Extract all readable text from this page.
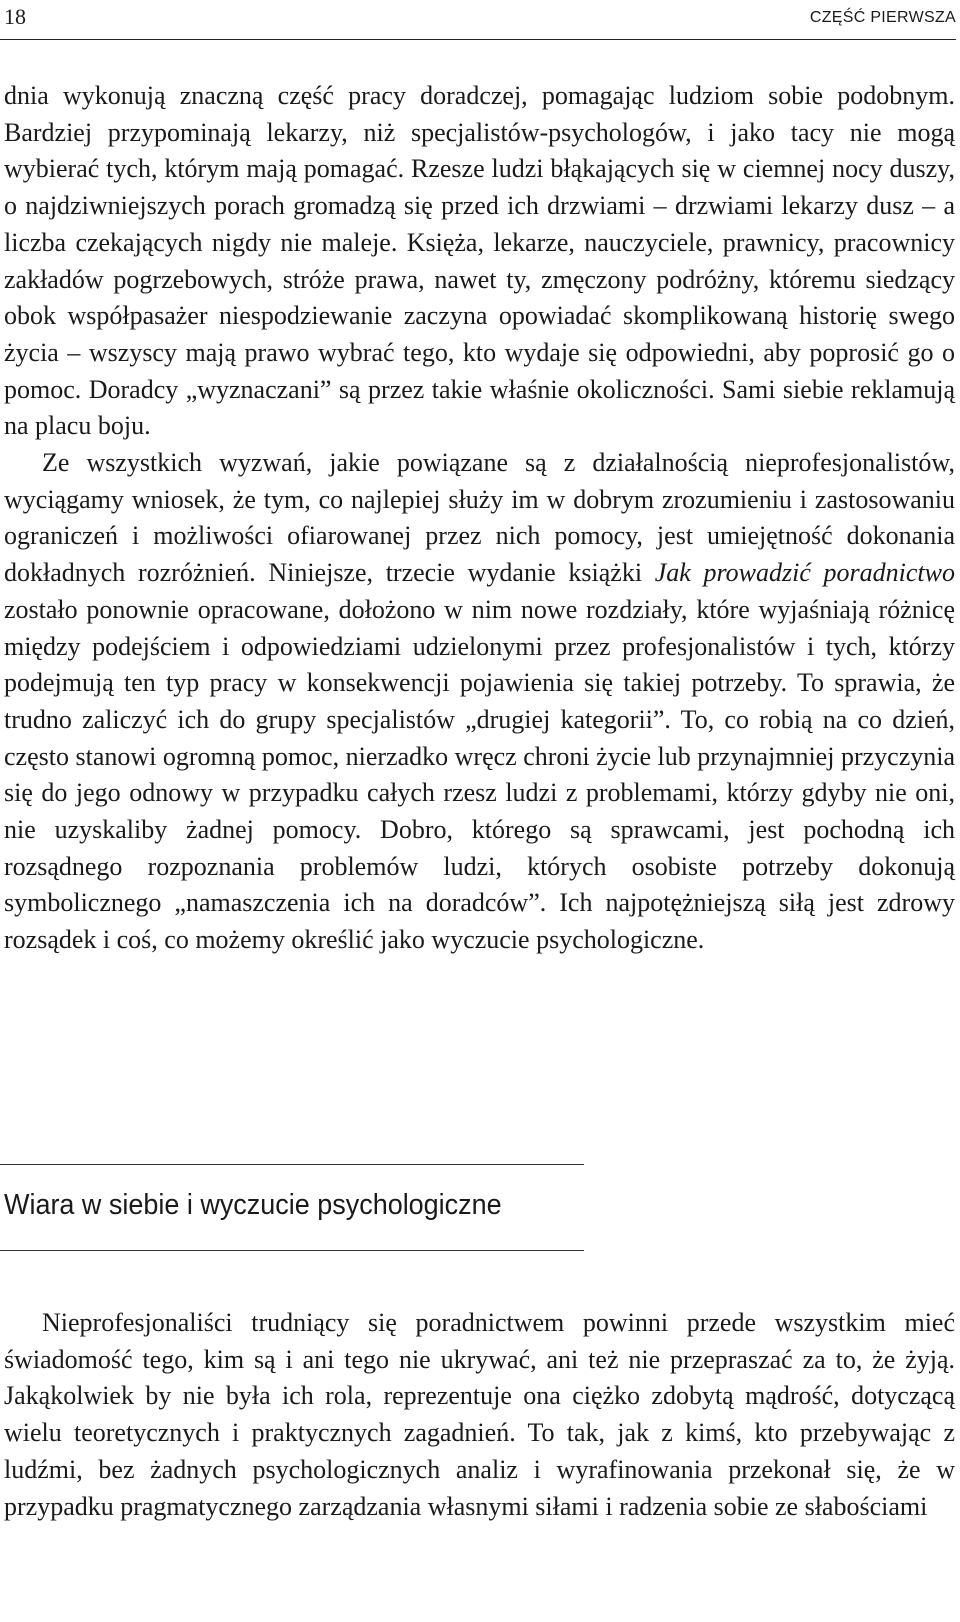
18	CZĘŚĆ PIERWSZA

dnia wykonują znaczną część pracy doradczej, pomagając ludziom sobie podobnym. Bardziej przypominają lekarzy, niż specjalistów-psychologów, i jako tacy nie mogą wybierać tych, którym mają pomagać. Rzesze ludzi błąkających się w ciemnej nocy duszy, o najdziwniejszych porach gromadzą się przed ich drzwiami – drzwiami lekarzy dusz – a liczba czekających nigdy nie maleje. Księża, lekarze, nauczyciele, prawnicy, pracownicy zakładów pogrzebowych, stróże prawa, nawet ty, zmęczony podróżny, któremu siedzący obok współpasażer niespodziewanie zaczyna opowiadać skomplikowaną historię swego życia – wszyscy mają prawo wybrać tego, kto wydaje się odpowiedni, aby poprosić go o pomoc. Doradcy „wyznaczani” są przez takie właśnie okoliczności. Sami siebie reklamują na placu boju.

Ze wszystkich wyzwań, jakie powiązane są z działalnością nieprofesjonalistów, wyciągamy wniosek, że tym, co najlepiej służy im w dobrym zrozumieniu i zastosowaniu ograniczeń i możliwości ofiarowanej przez nich pomocy, jest umiejętność dokonania dokładnych rozróżnień. Niniejsze, trzecie wydanie książki Jak prowadzić poradnictwo zostało ponownie opracowane, dołożono w nim nowe rozdziały, które wyjaśniają różnicę między podejściem i odpowiedziami udzielonymi przez profesjonalistów i tych, którzy podejmują ten typ pracy w konsekwencji pojawienia się takiej potrzeby. To sprawia, że trudno zaliczyć ich do grupy specjalistów „drugiej kategorii”. To, co robią na co dzień, często stanowi ogromną pomoc, nierzadko wręcz chroni życie lub przynajmniej przyczynia się do jego odnowy w przypadku całych rzesz ludzi z problemami, którzy gdyby nie oni, nie uzyskaliby żadnej pomocy. Dobro, którego są sprawcami, jest pochodną ich rozsądnego rozpoznania problemów ludzi, których osobiste potrzeby dokonują symbolicznego „namaszczenia ich na doradców”. Ich najpotężniejszą siłą jest zdrowy rozsądek i coś, co możemy określić jako wyczucie psychologiczne.

Wiara w siebie i wyczucie psychologiczne

Nieprofesjonaliści trudniący się poradnictwem powinni przede wszystkim mieć świadomość tego, kim są i ani tego nie ukrywać, ani też nie przepraszać za to, że żyją. Jakąkolwiek by nie była ich rola, reprezentuje ona ciężko zdobytą mądrość, dotyczącą wielu teoretycznych i praktycznych zagadnień. To tak, jak z kimś, kto przebywając z ludźmi, bez żadnych psychologicznych analiz i wyrafinowania przekonał się, że w przypadku pragmatycznego zarządzania własnymi siłami i radzenia sobie ze słabościami
